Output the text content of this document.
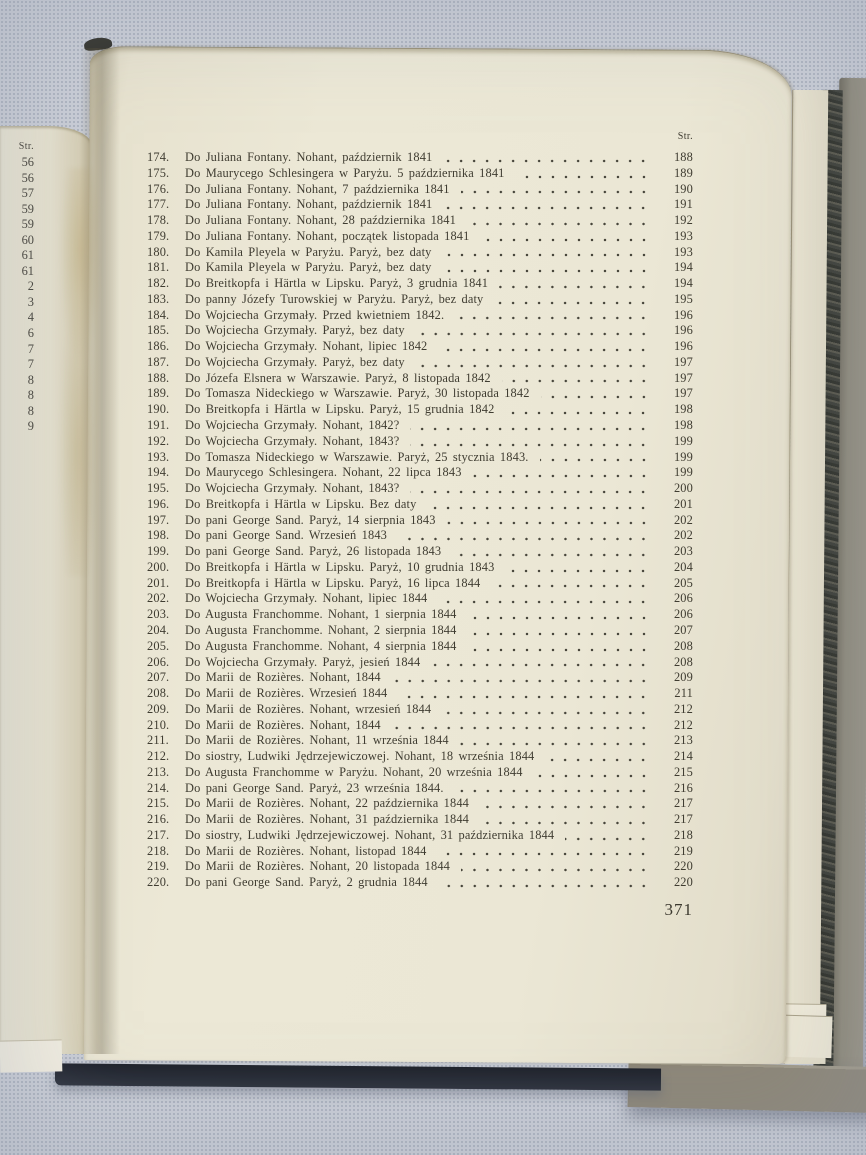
Str.
56
56
57
59
59
60
61
61
2
3
4
6
7
7
8
8
8
9
Str.
174.	Do Juliana Fontany. Nohant, październik 1841	188
175.	Do Maurycego Schlesingera w Paryżu. 5 października 1841	189
176.	Do Juliana Fontany. Nohant, 7 października 1841	190
177.	Do Juliana Fontany. Nohant, październik 1841	191
178.	Do Juliana Fontany. Nohant, 28 października 1841	192
179.	Do Juliana Fontany. Nohant, początek listopada 1841	193
180.	Do Kamila Pleyela w Paryżu. Paryż, bez daty	193
181.	Do Kamila Pleyela w Paryżu. Paryż, bez daty	194
182.	Do Breitkopfa i Härtla w Lipsku. Paryż, 3 grudnia 1841	194
183.	Do panny Józefy Turowskiej w Paryżu. Paryż, bez daty	195
184.	Do Wojciecha Grzymały. Przed kwietniem 1842.	196
185.	Do Wojciecha Grzymały. Paryż, bez daty	196
186.	Do Wojciecha Grzymały. Nohant, lipiec 1842	196
187.	Do Wojciecha Grzymały. Paryż, bez daty	197
188.	Do Józefa Elsnera w Warszawie. Paryż, 8 listopada 1842	197
189.	Do Tomasza Nideckiego w Warszawie. Paryż, 30 listopada 1842	197
190.	Do Breitkopfa i Härtla w Lipsku. Paryż, 15 grudnia 1842	198
191.	Do Wojciecha Grzymały. Nohant, 1842?	198
192.	Do Wojciecha Grzymały. Nohant, 1843?	199
193.	Do Tomasza Nideckiego w Warszawie. Paryż, 25 stycznia 1843.	199
194.	Do Maurycego Schlesingera. Nohant, 22 lipca 1843	199
195.	Do Wojciecha Grzymały. Nohant, 1843?	200
196.	Do Breitkopfa i Härtla w Lipsku. Bez daty	201
197.	Do pani George Sand. Paryż, 14 sierpnia 1843	202
198.	Do pani George Sand. Wrzesień 1843	202
199.	Do pani George Sand. Paryż, 26 listopada 1843	203
200.	Do Breitkopfa i Härtla w Lipsku. Paryż, 10 grudnia 1843	204
201.	Do Breitkopfa i Härtla w Lipsku. Paryż, 16 lipca 1844	205
202.	Do Wojciecha Grzymały. Nohant, lipiec 1844	206
203.	Do Augusta Franchomme. Nohant, 1 sierpnia 1844	206
204.	Do Augusta Franchomme. Nohant, 2 sierpnia 1844	207
205.	Do Augusta Franchomme. Nohant, 4 sierpnia 1844	208
206.	Do Wojciecha Grzymały. Paryż, jesień 1844	208
207.	Do Marii de Rozières. Nohant, 1844	209
208.	Do Marii de Rozières. Wrzesień 1844	211
209.	Do Marii de Rozières. Nohant, wrzesień 1844	212
210.	Do Marii de Rozières. Nohant, 1844	212
211.	Do Marii de Rozières. Nohant, 11 września 1844	213
212.	Do siostry, Ludwiki Jędrzejewiczowej. Nohant, 18 września 1844	214
213.	Do Augusta Franchomme w Paryżu. Nohant, 20 września 1844	215
214.	Do pani George Sand. Paryż, 23 września 1844.	216
215.	Do Marii de Rozières. Nohant, 22 października 1844	217
216.	Do Marii de Rozières. Nohant, 31 października 1844	217
217.	Do siostry, Ludwiki Jędrzejewiczowej. Nohant, 31 października 1844	218
218.	Do Marii de Rozières. Nohant, listopad 1844	219
219.	Do Marii de Rozières. Nohant, 20 listopada 1844	220
220.	Do pani George Sand. Paryż, 2 grudnia 1844	220
371
